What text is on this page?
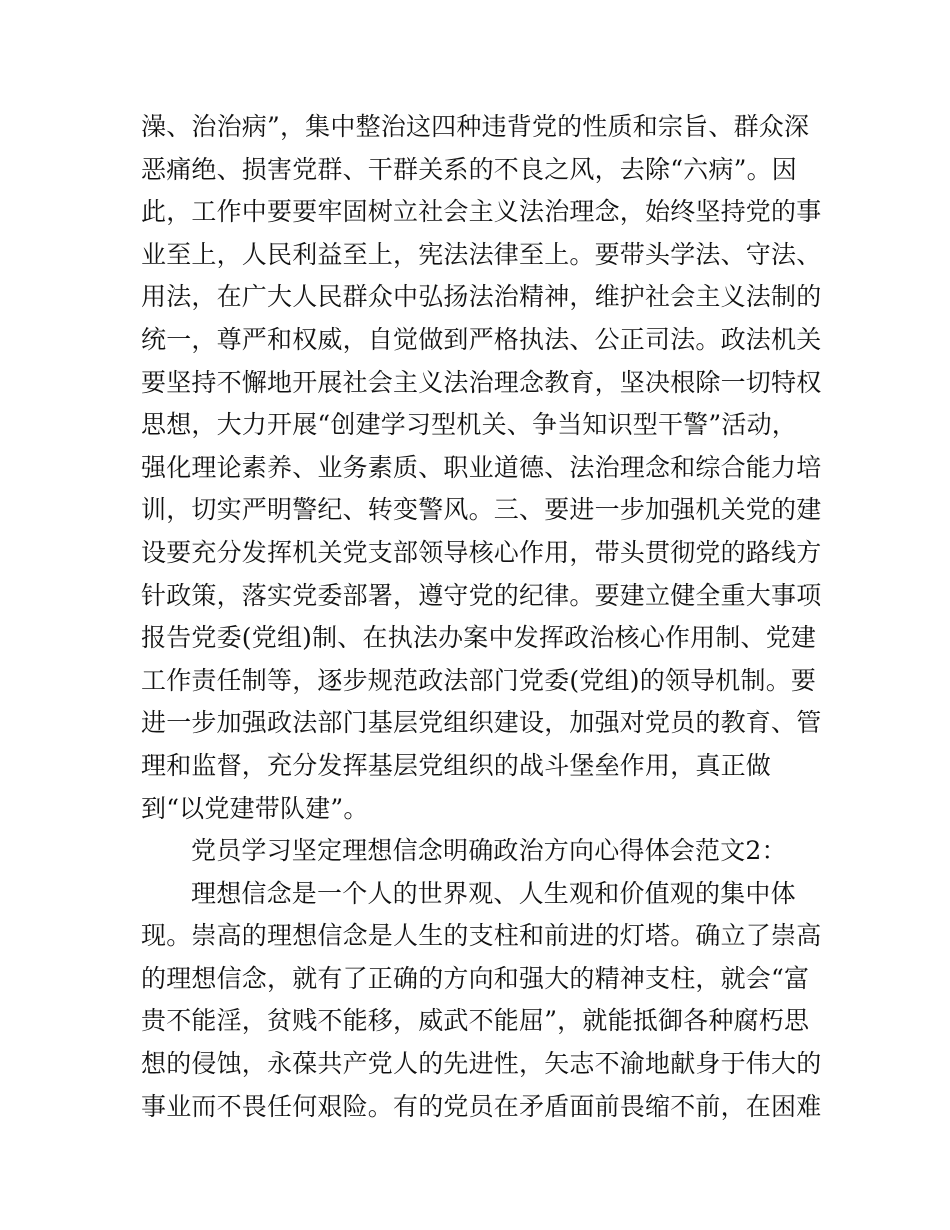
澡、治治病”，集中整治这四种违背党的性质和宗旨、群众深
恶痛绝、损害党群、干群关系的不良之风，去除“六病”。因
此，工作中要要牢固树立社会主义法治理念，始终坚持党的事
业至上，人民利益至上，宪法法律至上。要带头学法、守法、
用法，在广大人民群众中弘扬法治精神，维护社会主义法制的
统一，尊严和权威，自觉做到严格执法、公正司法。政法机关
要坚持不懈地开展社会主义法治理念教育，坚决根除一切特权
思想，大力开展“创建学习型机关、争当知识型干警”活动，
强化理论素养、业务素质、职业道德、法治理念和综合能力培
训，切实严明警纪、转变警风。三、要进一步加强机关党的建
设要充分发挥机关党支部领导核心作用，带头贯彻党的路线方
针政策，落实党委部署，遵守党的纪律。要建立健全重大事项
报告党委(党组)制、在执法办案中发挥政治核心作用制、党建
工作责任制等，逐步规范政法部门党委(党组)的领导机制。要
进一步加强政法部门基层党组织建设，加强对党员的教育、管
理和监督，充分发挥基层党组织的战斗堡垒作用，真正做
到“以党建带队建”。
党员学习坚定理想信念明确政治方向心得体会范文2：
理想信念是一个人的世界观、人生观和价值观的集中体
现。崇高的理想信念是人生的支柱和前进的灯塔。确立了崇高
的理想信念，就有了正确的方向和强大的精神支柱，就会“富
贵不能淫，贫贱不能移，威武不能屈”，就能抵御各种腐朽思
想的侵蚀，永葆共产党人的先进性，矢志不渝地献身于伟大的
事业而不畏任何艰险。有的党员在矛盾面前畏缩不前，在困难
